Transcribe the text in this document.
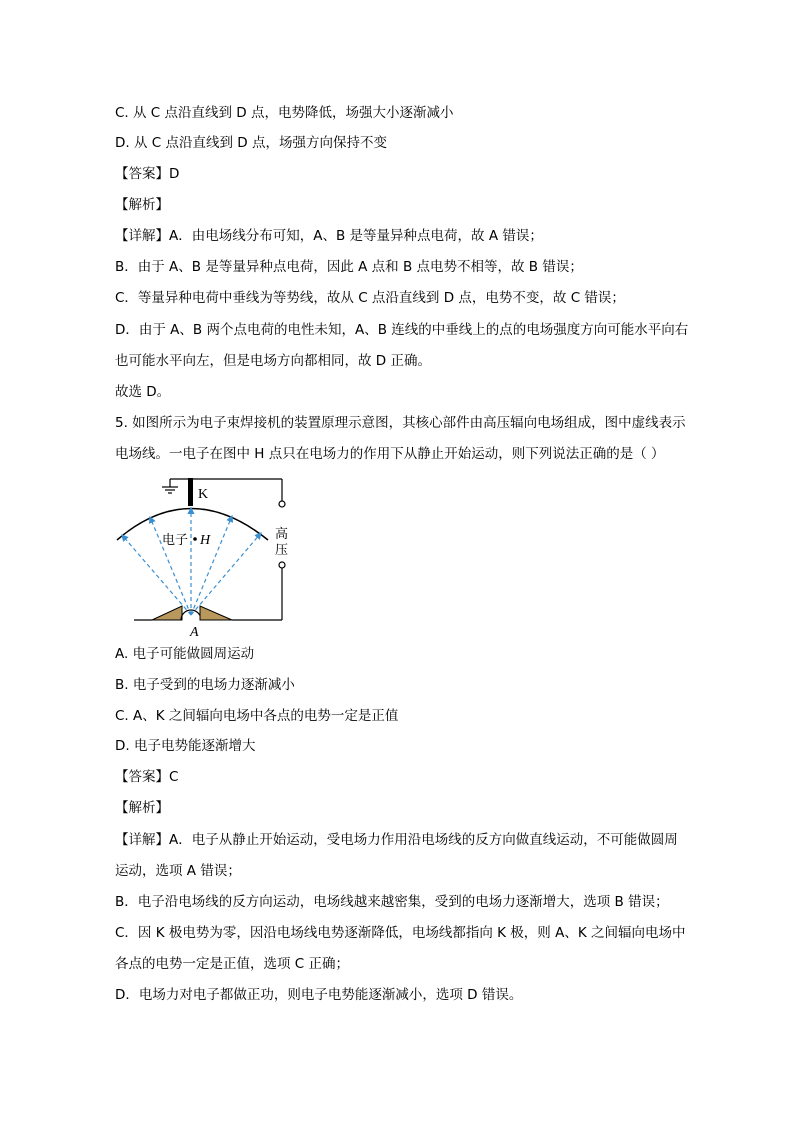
C. 从 C 点沿直线到 D 点，电势降低，场强大小逐渐减小
D. 从 C 点沿直线到 D 点，场强方向保持不变
【答案】D
【解析】
【详解】A．由电场线分布可知，A、B 是等量异种点电荷，故 A 错误；
B．由于 A、B 是等量异种点电荷，因此 A 点和 B 点电势不相等，故 B 错误；
C．等量异种电荷中垂线为等势线，故从 C 点沿直线到 D 点，电势不变，故 C 错误；
D．由于 A、B 两个点电荷的电性未知，A、B 连线的中垂线上的点的电场强度方向可能水平向右
也可能水平向左，但是电场方向都相同，故 D 正确。
故选 D。
5. 如图所示为电子束焊接机的装置原理示意图，其核心部件由高压辐向电场组成，图中虚线表示
电场线。一电子在图中 H 点只在电场力的作用下从静止开始运动，则下列说法正确的是（ ）
K
电子 H	高
压
A
A. 电子可能做圆周运动
B. 电子受到的电场力逐渐减小
C. A、K 之间辐向电场中各点的电势一定是正值
D. 电子电势能逐渐增大
【答案】C
【解析】
【详解】A．电子从静止开始运动，受电场力作用沿电场线的反方向做直线运动，不可能做圆周
运动，选项 A 错误；
B．电子沿电场线的反方向运动，电场线越来越密集，受到的电场力逐渐增大，选项 B 错误；
C．因 K 极电势为零，因沿电场线电势逐渐降低，电场线都指向 K 极，则 A、K 之间辐向电场中
各点的电势一定是正值，选项 C 正确；
D．电场力对电子都做正功，则电子电势能逐渐减小，选项 D 错误。
